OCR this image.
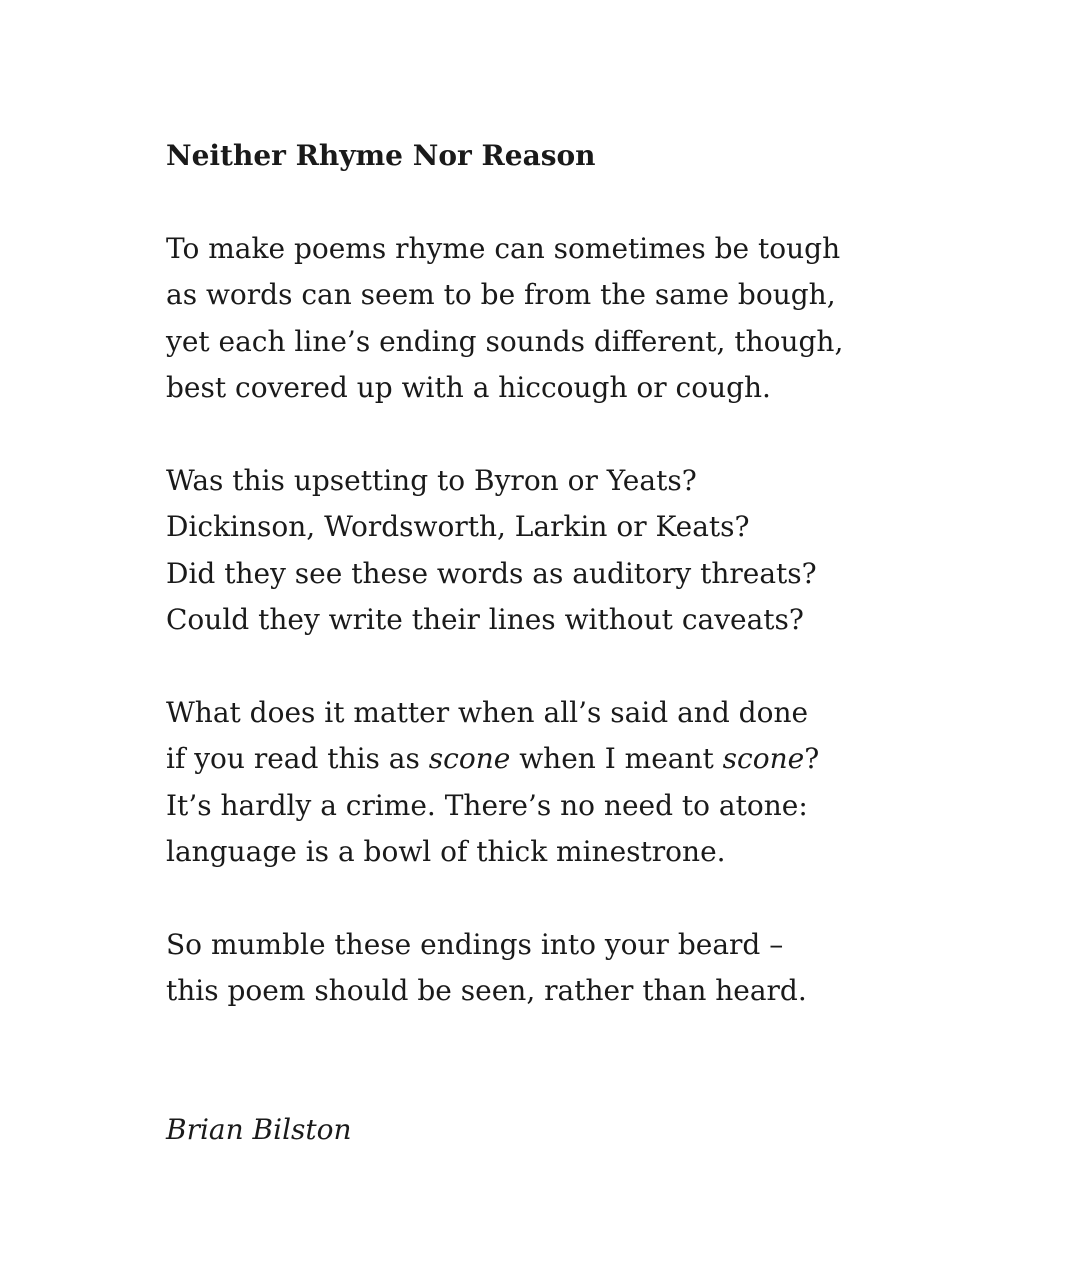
Neither Rhyme Nor Reason

To make poems rhyme can sometimes be tough
as words can seem to be from the same bough,
yet each line’s ending sounds different, though,
best covered up with a hiccough or cough.

Was this upsetting to Byron or Yeats?
Dickinson, Wordsworth, Larkin or Keats?
Did they see these words as auditory threats?
Could they write their lines without caveats?

What does it matter when all’s said and done
if you read this as scone when I meant scone?
It’s hardly a crime. There’s no need to atone:
language is a bowl of thick minestrone.

So mumble these endings into your beard –
this poem should be seen, rather than heard.

Brian Bilston
